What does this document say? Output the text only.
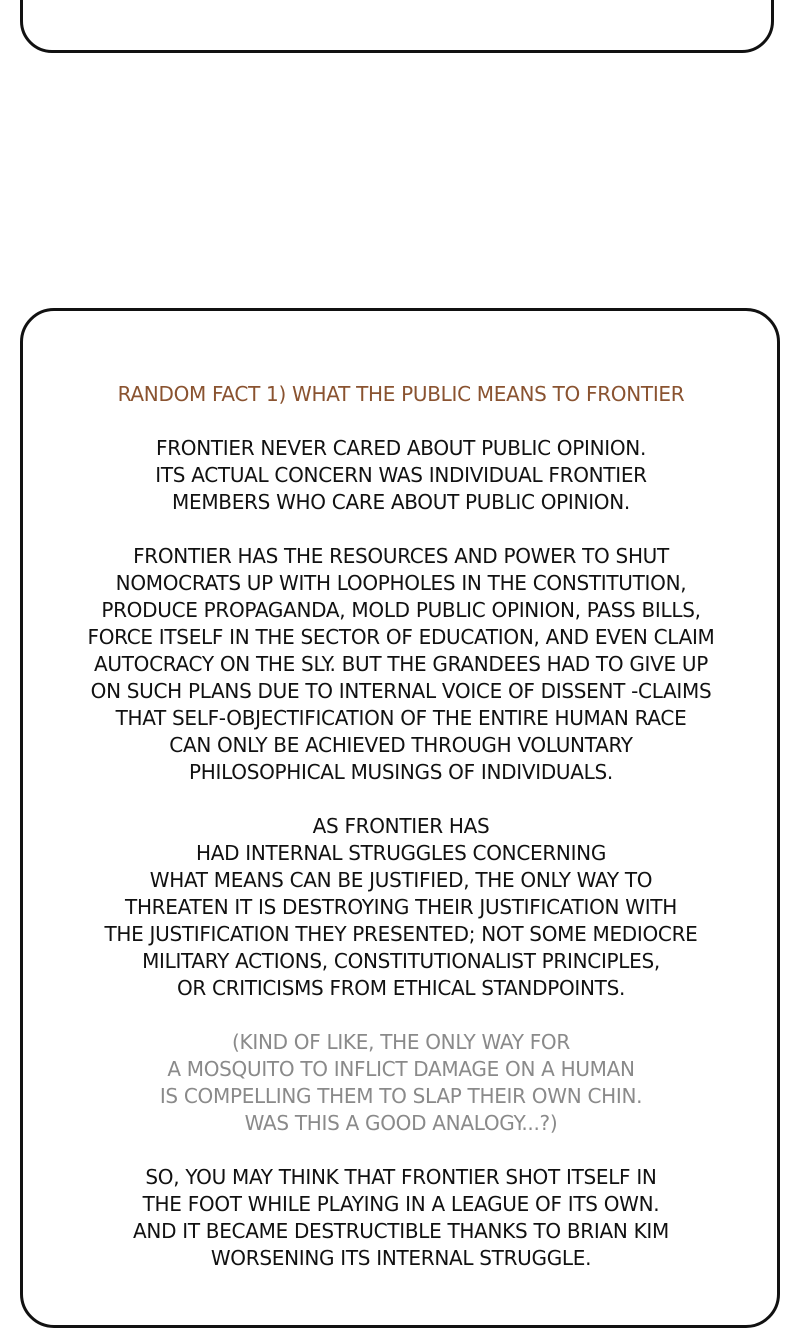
RANDOM FACT 1) WHAT THE PUBLIC MEANS TO FRONTIER
FRONTIER NEVER CARED ABOUT PUBLIC OPINION.
ITS ACTUAL CONCERN WAS INDIVIDUAL FRONTIER
MEMBERS WHO CARE ABOUT PUBLIC OPINION.
FRONTIER HAS THE RESOURCES AND POWER TO SHUT
NOMOCRATS UP WITH LOOPHOLES IN THE CONSTITUTION,
PRODUCE PROPAGANDA, MOLD PUBLIC OPINION, PASS BILLS,
FORCE ITSELF IN THE SECTOR OF EDUCATION, AND EVEN CLAIM
AUTOCRACY ON THE SLY. BUT THE GRANDEES HAD TO GIVE UP
ON SUCH PLANS DUE TO INTERNAL VOICE OF DISSENT -CLAIMS
THAT SELF-OBJECTIFICATION OF THE ENTIRE HUMAN RACE
CAN ONLY BE ACHIEVED THROUGH VOLUNTARY
PHILOSOPHICAL MUSINGS OF INDIVIDUALS.
AS FRONTIER HAS
HAD INTERNAL STRUGGLES CONCERNING
WHAT MEANS CAN BE JUSTIFIED, THE ONLY WAY TO
THREATEN IT IS DESTROYING THEIR JUSTIFICATION WITH
THE JUSTIFICATION THEY PRESENTED; NOT SOME MEDIOCRE
MILITARY ACTIONS, CONSTITUTIONALIST PRINCIPLES,
OR CRITICISMS FROM ETHICAL STANDPOINTS.
(KIND OF LIKE, THE ONLY WAY FOR
A MOSQUITO TO INFLICT DAMAGE ON A HUMAN
IS COMPELLING THEM TO SLAP THEIR OWN CHIN.
WAS THIS A GOOD ANALOGY...?)
SO, YOU MAY THINK THAT FRONTIER SHOT ITSELF IN
THE FOOT WHILE PLAYING IN A LEAGUE OF ITS OWN.
AND IT BECAME DESTRUCTIBLE THANKS TO BRIAN KIM
WORSENING ITS INTERNAL STRUGGLE.
